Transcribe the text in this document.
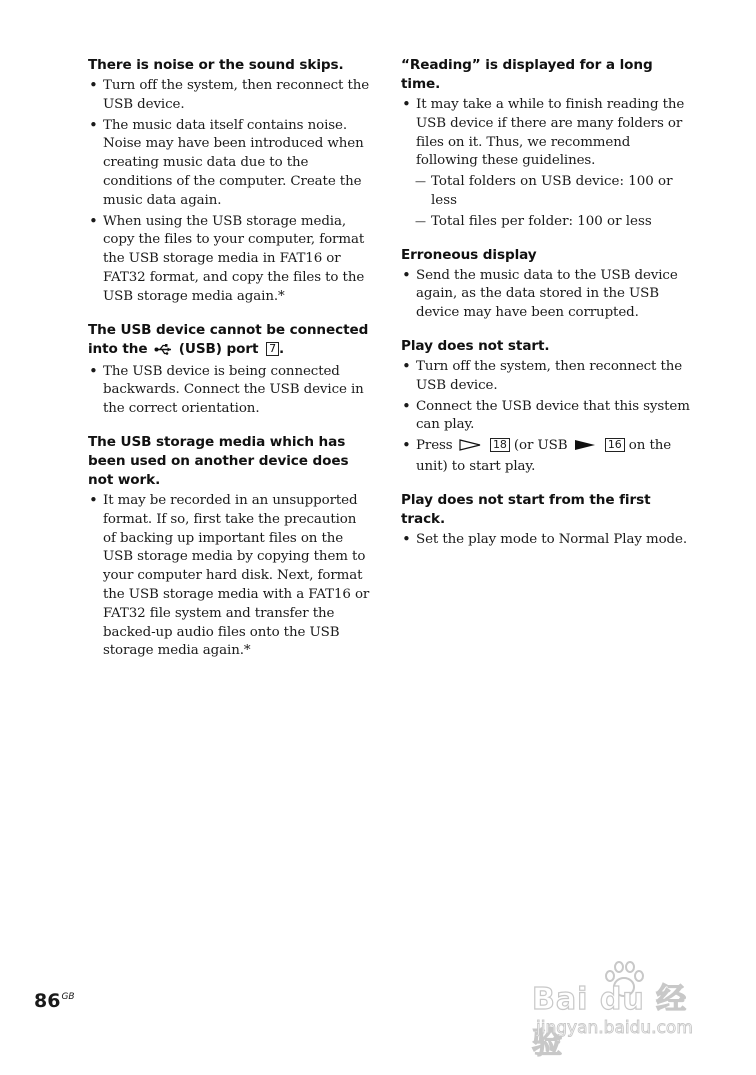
There is noise or the sound skips.
• Turn off the system, then reconnect the USB device.
• The music data itself contains noise. Noise may have been introduced when creating music data due to the conditions of the computer. Create the music data again.
• When using the USB storage media, copy the files to your computer, format the USB storage media in FAT16 or FAT32 format, and copy the files to the USB storage media again.*
The USB device cannot be connected into the (USB) port 7 .
• The USB device is being connected backwards. Connect the USB device in the correct orientation.
The USB storage media which has been used on another device does not work.
• It may be recorded in an unsupported format. If so, first take the precaution of backing up important files on the USB storage media by copying them to your computer hard disk. Next, format the USB storage media with a FAT16 or FAT32 file system and transfer the backed-up audio files onto the USB storage media again.*
“Reading” is displayed for a long time.
• It may take a while to finish reading the USB device if there are many folders or files on it. Thus, we recommend following these guidelines.
— Total folders on USB device: 100 or less
— Total files per folder: 100 or less
Erroneous display
• Send the music data to the USB device again, as the data stored in the USB device may have been corrupted.
Play does not start.
• Turn off the system, then reconnect the USB device.
• Connect the USB device that this system can play.
• Press	18 (or USB	16 on the unit) to start play.
Play does not start from the first track.
• Set the play mode to Normal Play mode.
$86^{GB}$	Bai du 经验
jingyan.baidu.com
